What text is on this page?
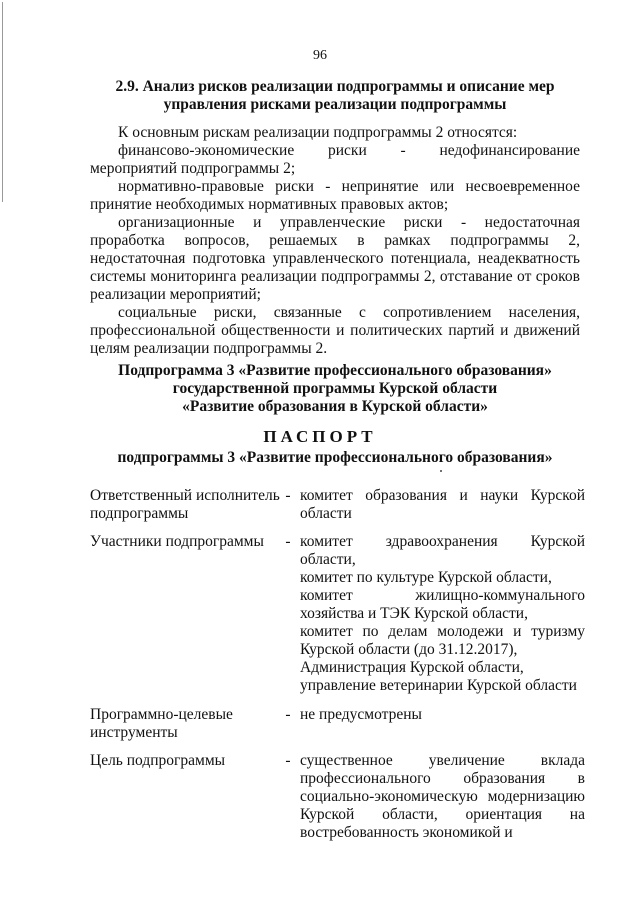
96
2.9. Анализ рисков реализации подпрограммы и описание мер
управления рисками реализации подпрограммы

К основным рискам реализации подпрограммы 2 относятся:

финансово-экономические риски - недофинансирование мероприятий подпрограммы 2;

нормативно-правовые риски - непринятие или несвоевременное принятие необходимых нормативных правовых актов;

организационные и управленческие риски - недостаточная проработка вопросов, решаемых в рамках подпрограммы 2, недостаточная подготовка управленческого потенциала, неадекватность системы мониторинга реализации подпрограммы 2, отставание от сроков реализации мероприятий;

социальные риски, связанные с сопротивлением населения, профессиональной общественности и политических партий и движений целям реализации подпрограммы 2.

Подпрограмма 3 «Развитие профессионального образования»
государственной программы Курской области
«Развитие образования в Курской области»
ПАСПОРТ
подпрограммы 3 «Развитие профессионального образования»
Ответственный исполнитель подпрограммы
- комитет образования и науки Курской области
Участники подпрограммы	- комитет здравоохранения Курской области,
комитет по культуре Курской области,
комитет жилищно-коммунального хозяйства и ТЭК Курской области,
комитет по делам молодежи и туризму Курской области (до 31.12.2017),
Администрация Курской области,
управление ветеринарии Курской области
Программно-целевые инструменты
- не предусмотрены
Цель подпрограммы	- существенное увеличение вклада профессионального образования в социально-экономическую модернизацию Курской области, ориентация на востребованность экономикой и
